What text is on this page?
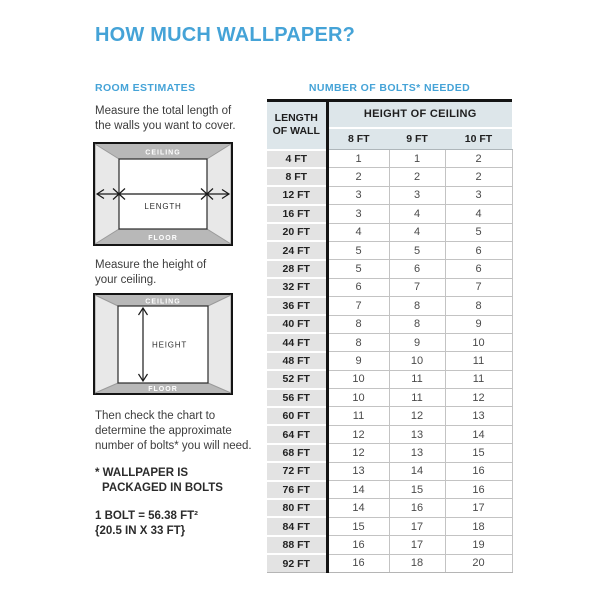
HOW MUCH WALLPAPER?
ROOM ESTIMATES	NUMBER OF BOLTS* NEEDED

Measure the total length of
the walls you want to cover.

CEILING
FLOOR
LENGTH

Measure the height of
your ceiling.

CEILING
FLOOR
HEIGHT

Then check the chart to
determine the approximate
number of bolts* you will need.

* WALLPAPER IS
PACKAGED IN BOLTS
1 BOLT = 56.38 FT²
{20.5 IN X 33 FT}
LENGTH
OF WALL	HEIGHT OF CEILING		
	8 FT	9 FT	10 FT
4 FT	1	1	2
8 FT	2	2	2
12 FT	3	3	3
16 FT	3	4	4
20 FT	4	4	5
24 FT	5	5	6
28 FT	5	6	6
32 FT	6	7	7
36 FT	7	8	8
40 FT	8	8	9
44 FT	8	9	10
48 FT	9	10	11
52 FT	10	11	11
56 FT	10	11	12
60 FT	11	12	13
64 FT	12	13	14
68 FT	12	13	15
72 FT	13	14	16
76 FT	14	15	16
80 FT	14	16	17
84 FT	15	17	18
88 FT	16	17	19
92 FT	16	18	20
